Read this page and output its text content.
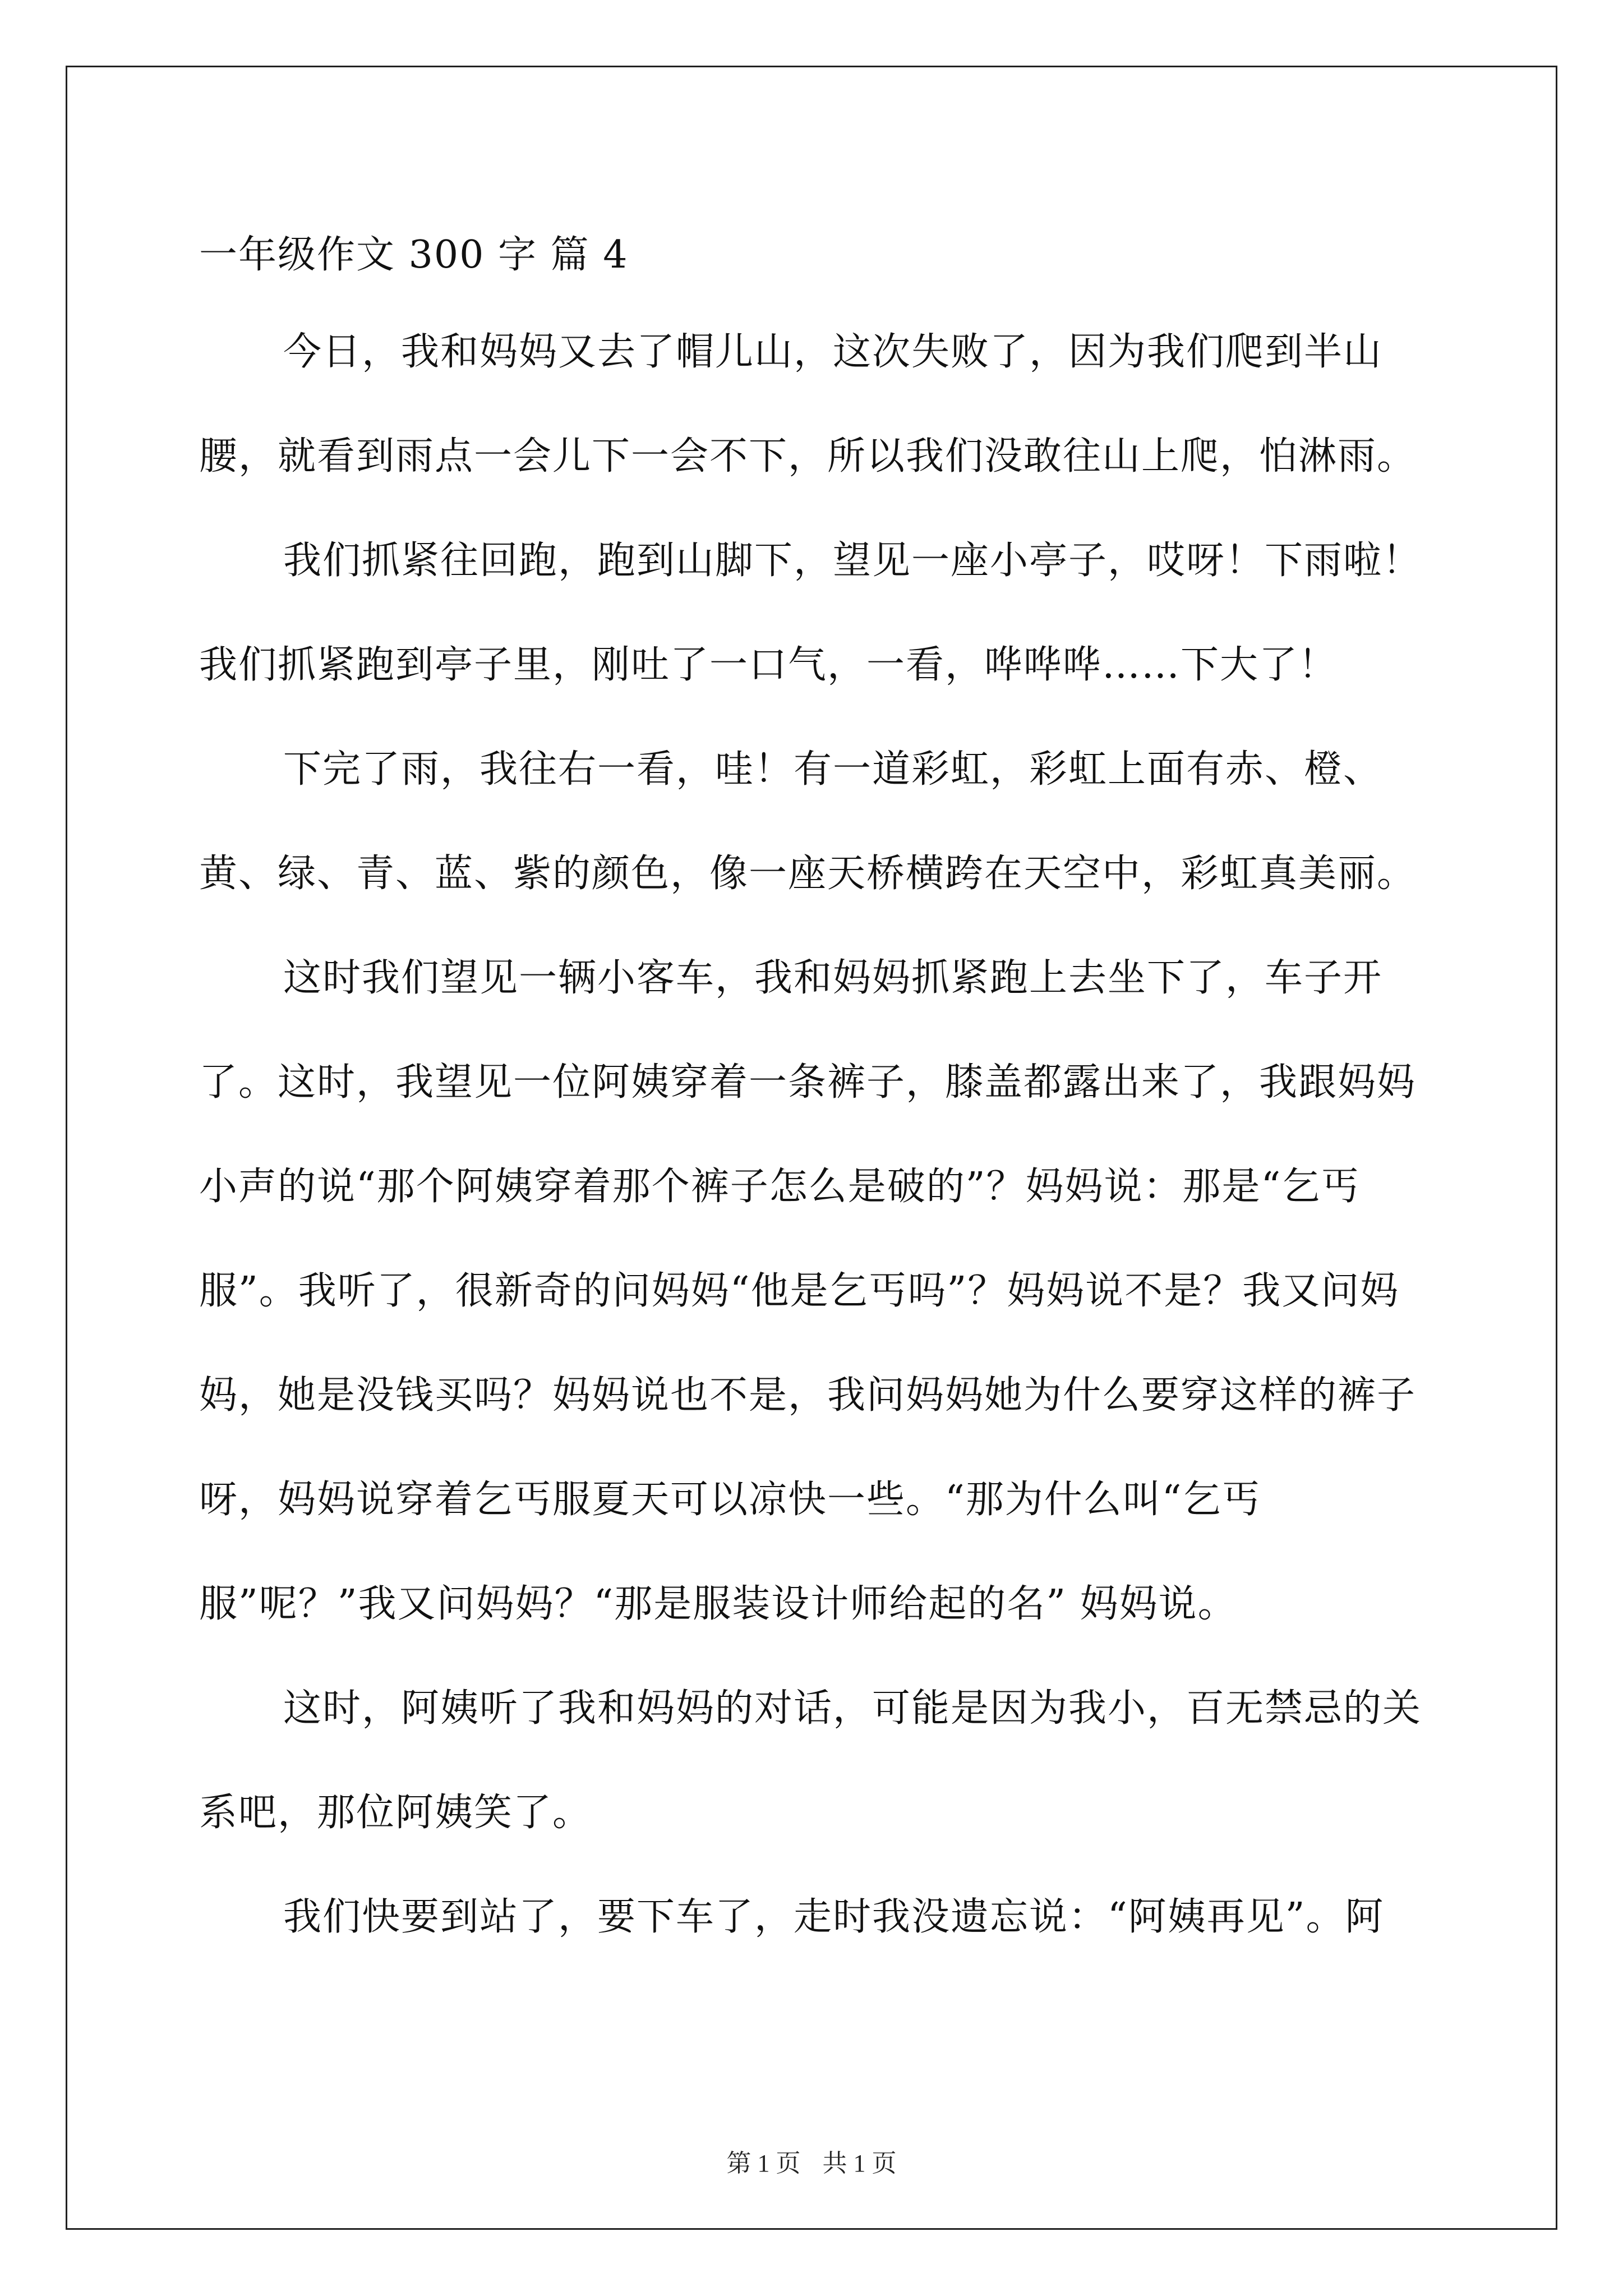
一年级作文 300 字 篇 4

今日，我和妈妈又去了帽儿山，这次失败了，因为我们爬到半山腰，就看到雨点一会儿下一会不下，所以我们没敢往山上爬，怕淋雨。

我们抓紧往回跑，跑到山脚下，望见一座小亭子，哎呀！下雨啦！我们抓紧跑到亭子里，刚吐了一口气，一看，哗哗哗……下大了！

下完了雨，我往右一看，哇！有一道彩虹，彩虹上面有赤、橙、黄、绿、青、蓝、紫的颜色，像一座天桥横跨在天空中，彩虹真美丽。

这时我们望见一辆小客车，我和妈妈抓紧跑上去坐下了，车子开了。这时，我望见一位阿姨穿着一条裤子，膝盖都露出来了，我跟妈妈小声的说“那个阿姨穿着那个裤子怎么是破的”？妈妈说：那是“乞丐服”。我听了，很新奇的问妈妈“他是乞丐吗”？妈妈说不是？我又问妈妈，她是没钱买吗？妈妈说也不是，我问妈妈她为什么要穿这样的裤子呀，妈妈说穿着乞丐服夏天可以凉快一些。“那为什么叫“乞丐服”呢？”我又问妈妈？“那是服装设计师给起的名” 妈妈说。

这时，阿姨听了我和妈妈的对话，可能是因为我小，百无禁忌的关系吧，那位阿姨笑了。

我们快要到站了，要下车了，走时我没遗忘说：“阿姨再见”。阿

第 1 页 共 1 页
